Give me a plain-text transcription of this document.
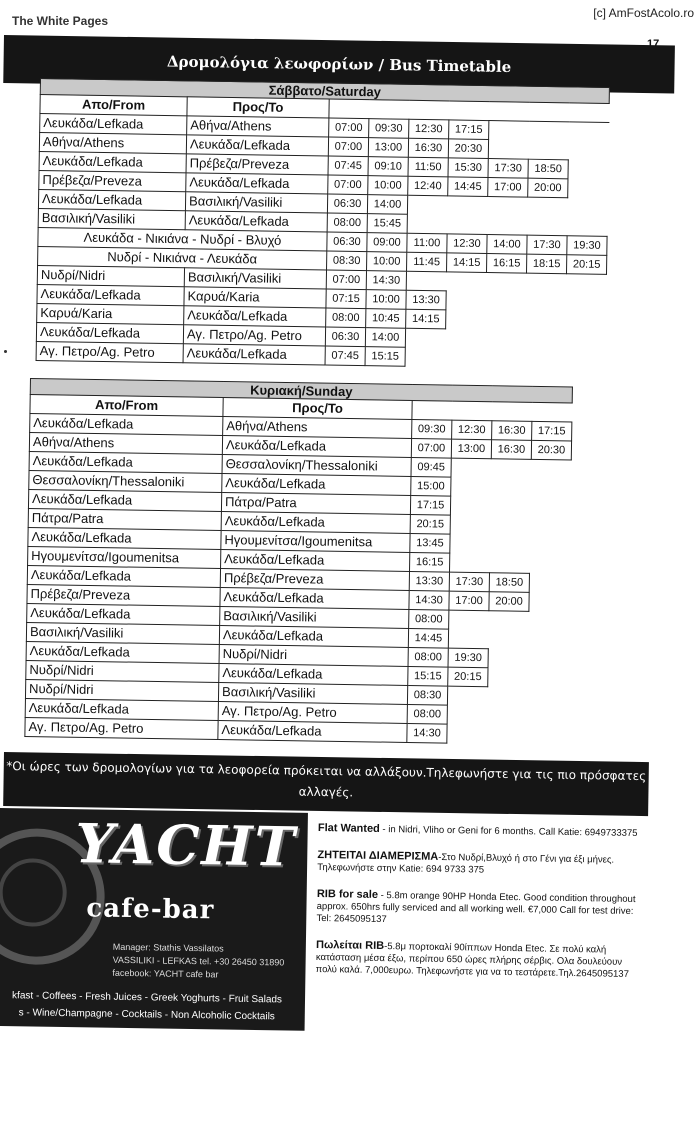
The White Pages
[c] AmFostAcolo.ro
17
Δρομολόγια λεωφορίων / Bus Timetable
Σάββατο/Saturday								
Απο/From	Προς/To							
Λευκάδα/Lefkada	Αθήνα/Athens	07:00	09:30	12:30	17:15			
Αθήνα/Athens	Λευκάδα/Lefkada	07:00	13:00	16:30	20:30			
Λευκάδα/Lefkada	Πρέβεζα/Preveza	07:45	09:10	11:50	15:30	17:30	18:50	
Πρέβεζα/Preveza	Λευκάδα/Lefkada	07:00	10:00	12:40	14:45	17:00	20:00	
Λευκάδα/Lefkada	Βασιλική/Vasiliki	06:30	14:00					
Βασιλική/Vasiliki	Λευκάδα/Lefkada	08:00	15:45					
Λευκάδα - Νικιάνα - Νυδρί - Βλυχό		06:30	09:00	11:00	12:30	14:00	17:30	19:30
Νυδρί - Νικιάνα - Λευκάδα		08:30	10:00	11:45	14:15	16:15	18:15	20:15
Νυδρί/Nidri	Βασιλική/Vasiliki	07:00	14:30					
Λευκάδα/Lefkada	Καρυά/Karia	07:15	10:00	13:30				
Καρυά/Karia	Λευκάδα/Lefkada	08:00	10:45	14:15				
Λευκάδα/Lefkada	Αγ. Πετρο/Ag. Petro	06:30	14:00					
Αγ. Πετρο/Ag. Petro	Λευκάδα/Lefkada	07:45	15:15					
Κυριακή/Sunday					
Απο/From	Προς/To				
Λευκάδα/Lefkada	Αθήνα/Athens	09:30	12:30	16:30	17:15
Αθήνα/Athens	Λευκάδα/Lefkada	07:00	13:00	16:30	20:30
Λευκάδα/Lefkada	Θεσσαλονίκη/Thessaloniki	09:45			
Θεσσαλονίκη/Thessaloniki	Λευκάδα/Lefkada	15:00			
Λευκάδα/Lefkada	Πάτρα/Patra	17:15			
Πάτρα/Patra	Λευκάδα/Lefkada	20:15			
Λευκάδα/Lefkada	Ηγουμενίτσα/Igoumenitsa	13:45			
Ηγουμενίτσα/Igoumenitsa	Λευκάδα/Lefkada	16:15			
Λευκάδα/Lefkada	Πρέβεζα/Preveza	13:30	17:30	18:50	
Πρέβεζα/Preveza	Λευκάδα/Lefkada	14:30	17:00	20:00	
Λευκάδα/Lefkada	Βασιλική/Vasiliki	08:00			
Βασιλική/Vasiliki	Λευκάδα/Lefkada	14:45			
Λευκάδα/Lefkada	Νυδρί/Nidri	08:00	19:30		
Νυδρί/Nidri	Λευκάδα/Lefkada	15:15	20:15		
Νυδρί/Nidri	Βασιλική/Vasiliki	08:30			
Λευκάδα/Lefkada	Αγ. Πετρο/Ag. Petro	08:00			
Αγ. Πετρο/Ag. Petro	Λευκάδα/Lefkada	14:30			
*Οι ώρες των δρομολογίων για τα λεοφορεία πρόκειται να αλλάξουν.Τηλεφωνήστε για τις πιο πρόσφατες αλλαγές.
YACHT
cafe-bar
Manager: Stathis Vassilatos
VASSILIKI - LEFKAS tel. +30 26450 31890
facebook: YACHT cafe bar
kfast - Coffees - Fresh Juices - Greek Yoghurts - Fruit Salads
s - Wine/Champagne - Cocktails - Non Alcoholic Cocktails
Flat Wanted - in Nidri, Vliho or Geni for 6 months. Call Katie: 6949733375
ΖΗΤΕΙΤΑΙ ΔΙΑΜΕΡΙΣΜΑ-Στο Νυδρί,Βλυχό ή στο Γένι για έξι μήνες. Τηλεφωνήστε στην Katie: 694 9733 375
RIB for sale - 5.8m orange 90HP Honda Etec. Good condition throughout approx. 650hrs fully serviced and all working well. €7,000 Call for test drive: Tel: 2645095137
Πωλείται RIB-5.8μ πορτοκαλί 90ίππων Honda Etec. Σε πολύ καλή κατάσταση μέσα έξω, περίπου 650 ώρες πλήρης σέρβις. Ολα δουλεύουν πολύ καλά. 7,000ευρω. Τηλεφωνήστε για να το τεστάρετε.Τηλ.2645095137
